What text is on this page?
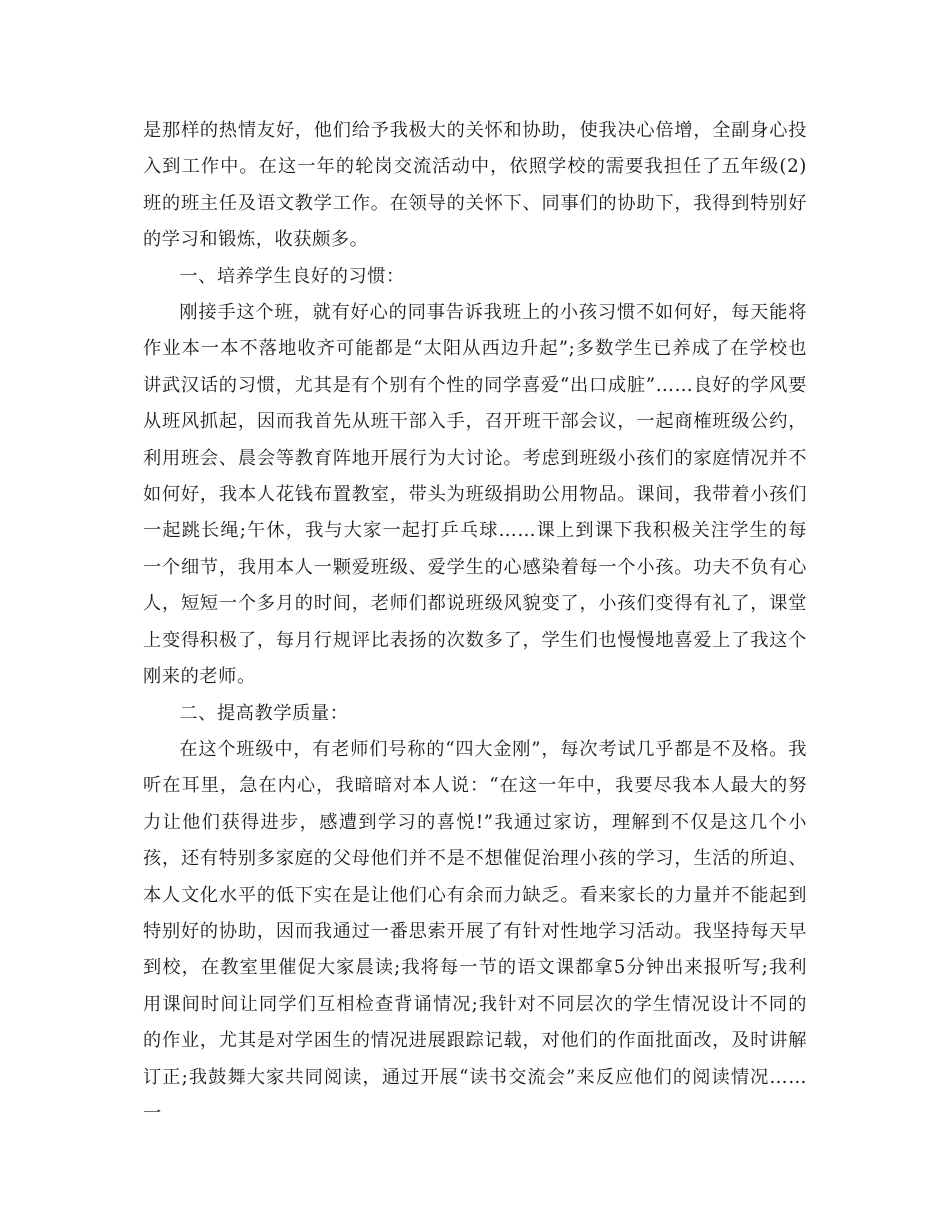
是那样的热情友好，他们给予我极大的关怀和协助，使我决心倍增，全副身心投入到工作中。在这一年的轮岗交流活动中，依照学校的需要我担任了五年级(2)班的班主任及语文教学工作。在领导的关怀下、同事们的协助下，我得到特别好的学习和锻炼，收获颇多。

一、培养学生良好的习惯：

刚接手这个班，就有好心的同事告诉我班上的小孩习惯不如何好，每天能将作业本一本不落地收齐可能都是“太阳从西边升起”;多数学生已养成了在学校也讲武汉话的习惯，尤其是有个别有个性的同学喜爱“出口成脏”……良好的学风要从班风抓起，因而我首先从班干部入手，召开班干部会议，一起商榷班级公约，利用班会、晨会等教育阵地开展行为大讨论。考虑到班级小孩们的家庭情况并不如何好，我本人花钱布置教室，带头为班级捐助公用物品。课间，我带着小孩们一起跳长绳;午休，我与大家一起打乒乓球……课上到课下我积极关注学生的每一个细节，我用本人一颗爱班级、爱学生的心感染着每一个小孩。功夫不负有心人，短短一个多月的时间，老师们都说班级风貌变了，小孩们变得有礼了，课堂上变得积极了，每月行规评比表扬的次数多了，学生们也慢慢地喜爱上了我这个刚来的老师。

二、提高教学质量：

在这个班级中，有老师们号称的“四大金刚”，每次考试几乎都是不及格。我听在耳里，急在内心，我暗暗对本人说：“在这一年中，我要尽我本人最大的努力让他们获得进步，感遭到学习的喜悦!”我通过家访，理解到不仅是这几个小孩，还有特别多家庭的父母他们并不是不想催促治理小孩的学习，生活的所迫、本人文化水平的低下实在是让他们心有余而力缺乏。看来家长的力量并不能起到特别好的协助，因而我通过一番思索开展了有针对性地学习活动。我坚持每天早到校，在教室里催促大家晨读;我将每一节的语文课都拿5分钟出来报听写;我利用课间时间让同学们互相检查背诵情况;我针对不同层次的学生情况设计不同的的作业，尤其是对学困生的情况进展跟踪记载，对他们的作面批面改，及时讲解订正;我鼓舞大家共同阅读，通过开展“读书交流会”来反应他们的阅读情况……一
